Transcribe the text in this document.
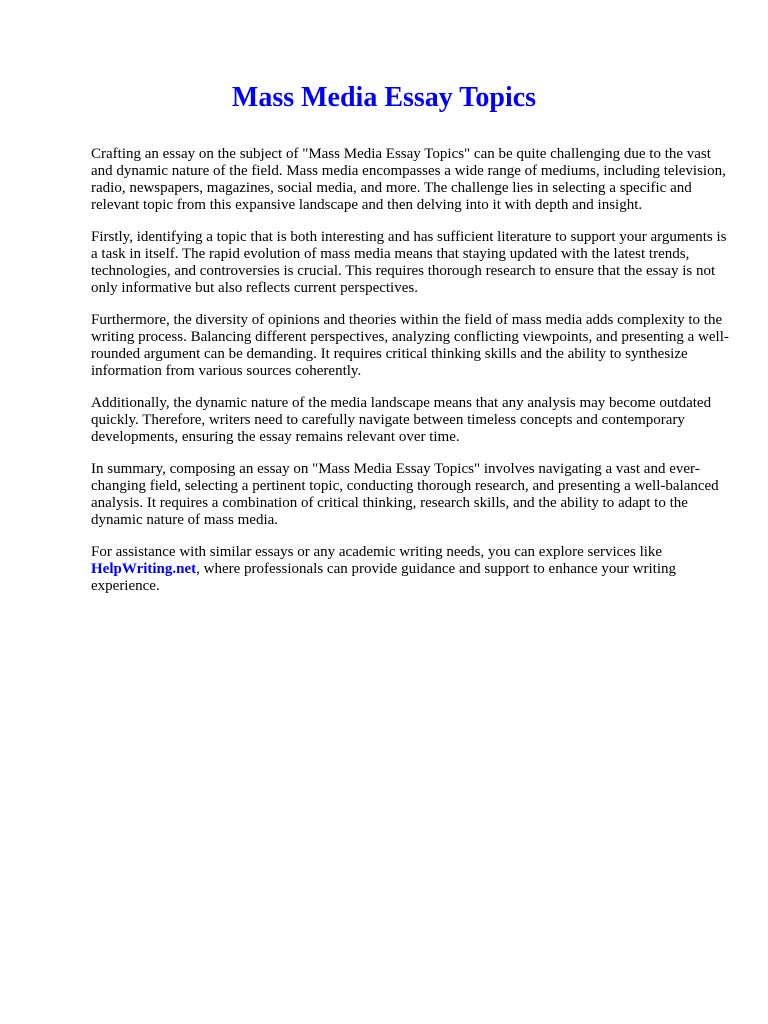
Mass Media Essay Topics

Crafting an essay on the subject of "Mass Media Essay Topics" can be quite challenging due to the vast and dynamic nature of the field. Mass media encompasses a wide range of mediums, including television, radio, newspapers, magazines, social media, and more. The challenge lies in selecting a specific and relevant topic from this expansive landscape and then delving into it with depth and insight.

Firstly, identifying a topic that is both interesting and has sufficient literature to support your arguments is a task in itself. The rapid evolution of mass media means that staying updated with the latest trends, technologies, and controversies is crucial. This requires thorough research to ensure that the essay is not only informative but also reflects current perspectives.

Furthermore, the diversity of opinions and theories within the field of mass media adds complexity to the writing process. Balancing different perspectives, analyzing conflicting viewpoints, and presenting a well-rounded argument can be demanding. It requires critical thinking skills and the ability to synthesize information from various sources coherently.

Additionally, the dynamic nature of the media landscape means that any analysis may become outdated quickly. Therefore, writers need to carefully navigate between timeless concepts and contemporary developments, ensuring the essay remains relevant over time.

In summary, composing an essay on "Mass Media Essay Topics" involves navigating a vast and ever-changing field, selecting a pertinent topic, conducting thorough research, and presenting a well-balanced analysis. It requires a combination of critical thinking, research skills, and the ability to adapt to the dynamic nature of mass media.

For assistance with similar essays or any academic writing needs, you can explore services like HelpWriting.net, where professionals can provide guidance and support to enhance your writing experience.
